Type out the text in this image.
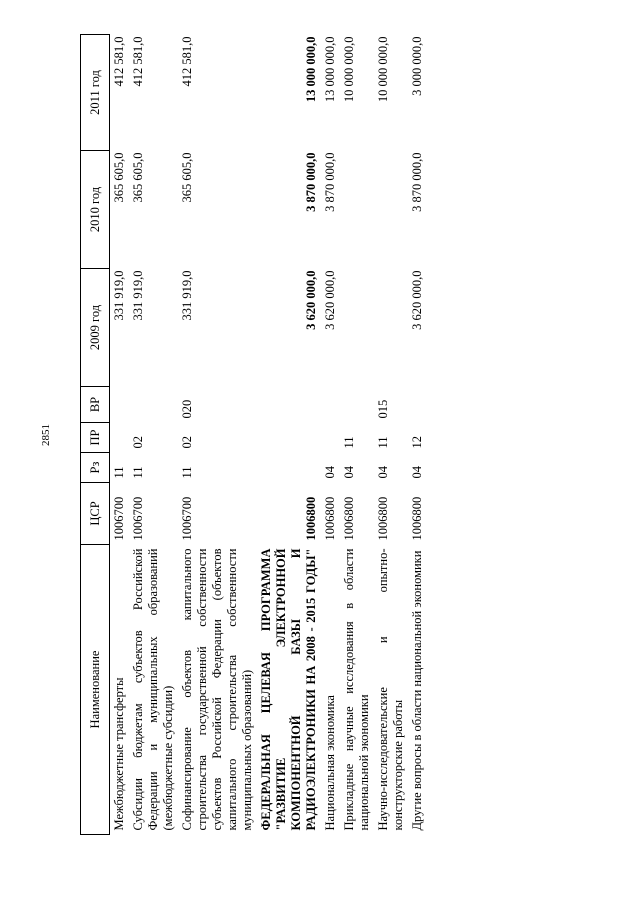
2851
Наименование	ЦСР	Рз	ПР	ВР	2009 год	2010 год	2011 год
Межбюджетные трансферты	1006700	11			331 919,0	365 605,0	412 581,0
Субсидии бюджетам субъектов Российской Федерации и муниципальных образований (межбюджетные субсидии)	1006700	11	02		331 919,0	365 605,0	412 581,0
Софинансирование объектов капитального строительства государственной собственности субъектов Российской Федерации (объектов капитального строительства собственности муниципальных образований)	1006700	11	02	020	331 919,0	365 605,0	412 581,0
ФЕДЕРАЛЬНАЯ ЦЕЛЕВАЯ ПРОГРАММА "РАЗВИТИЕ ЭЛЕКТРОННОЙ КОМПОНЕНТНОЙ БАЗЫ И РАДИОЭЛЕКТРОНИКИ НА 2008 - 2015 ГОДЫ"	1006800				3 620 000,0	3 870 000,0	13 000 000,0
Национальная экономика	1006800	04			3 620 000,0	3 870 000,0	13 000 000,0
Прикладные научные исследования в области национальной экономики	1006800	04	11				10 000 000,0
Научно-исследовательские и опытно-конструкторские работы	1006800	04	11	015			10 000 000,0
Другие вопросы в области национальной экономики	1006800	04	12		3 620 000,0	3 870 000,0	3 000 000,0
